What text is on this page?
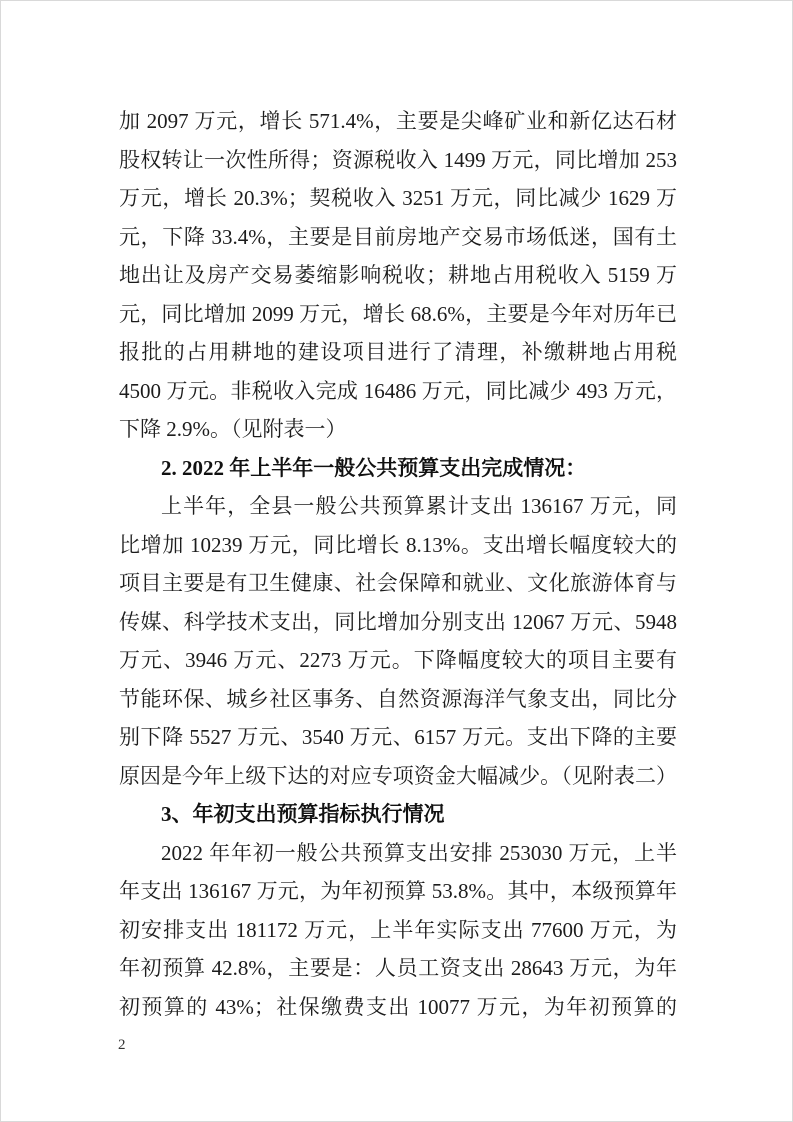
加 2097 万元，增长 571.4%，主要是尖峰矿业和新亿达石材
股权转让一次性所得；资源税收入 1499 万元，同比增加 253
万元，增长 20.3%；契税收入 3251 万元，同比减少 1629 万
元，下降 33.4%，主要是目前房地产交易市场低迷，国有土
地出让及房产交易萎缩影响税收；耕地占用税收入 5159 万
元，同比增加 2099 万元，增长 68.6%，主要是今年对历年已
报批的占用耕地的建设项目进行了清理，补缴耕地占用税
4500 万元。非税收入完成 16486 万元，同比减少 493 万元，
下降 2.9%。（见附表一）
2. 2022 年上半年一般公共预算支出完成情况：
上半年，全县一般公共预算累计支出 136167 万元，同
比增加 10239 万元，同比增长 8.13%。支出增长幅度较大的
项目主要是有卫生健康、社会保障和就业、文化旅游体育与
传媒、科学技术支出，同比增加分别支出 12067 万元、5948
万元、3946 万元、2273 万元。下降幅度较大的项目主要有
节能环保、城乡社区事务、自然资源海洋气象支出，同比分
别下降 5527 万元、3540 万元、6157 万元。支出下降的主要
原因是今年上级下达的对应专项资金大幅减少。（见附表二）
3、年初支出预算指标执行情况
2022 年年初一般公共预算支出安排 253030 万元，上半
年支出 136167 万元，为年初预算 53.8%。其中，本级预算年
初安排支出 181172 万元，上半年实际支出 77600 万元，为
年初预算 42.8%，主要是：人员工资支出 28643 万元，为年
初预算的 43%；社保缴费支出 10077 万元，为年初预算的
2
